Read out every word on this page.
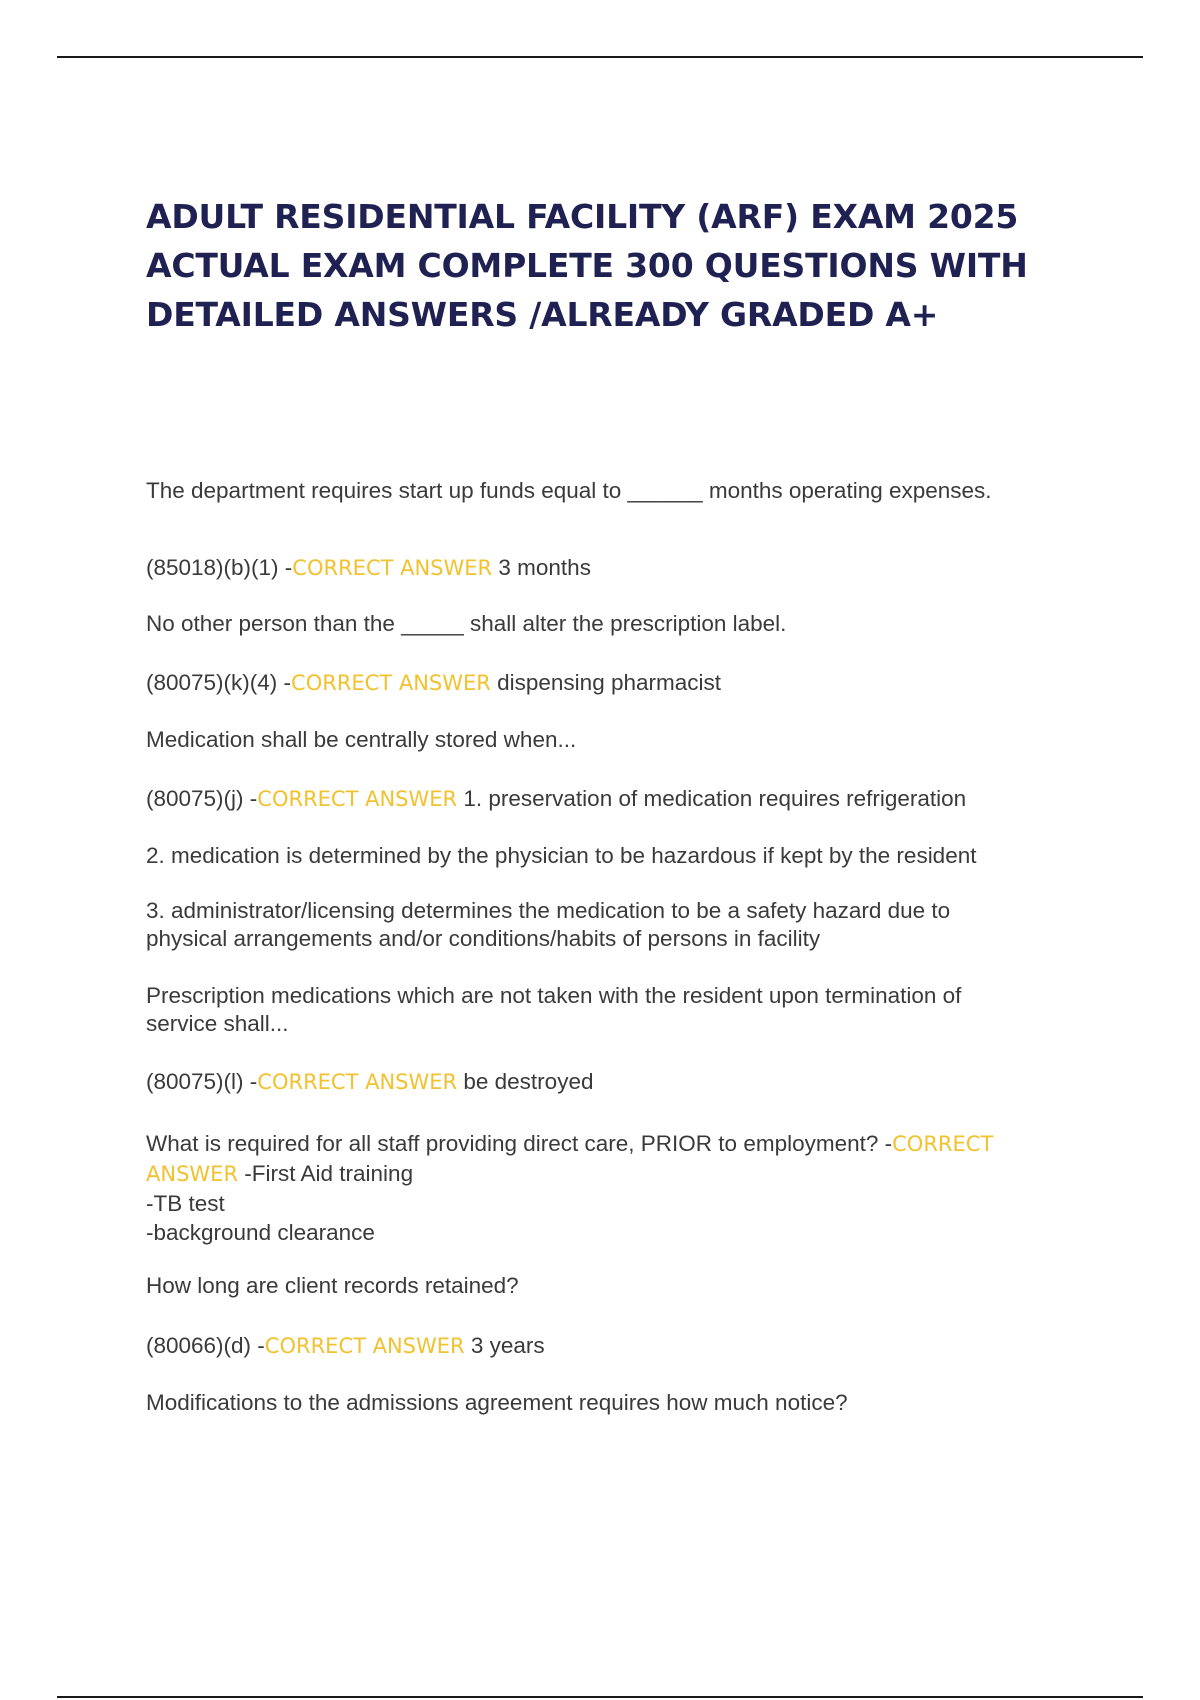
ADULT RESIDENTIAL FACILITY (ARF) EXAM 2025
ACTUAL EXAM COMPLETE 300 QUESTIONS WITH
DETAILED ANSWERS /ALREADY GRADED A+

The department requires start up funds equal to ______ months operating expenses.

(85018)(b)(1) -CORRECT ANSWER 3 months

No other person than the _____ shall alter the prescription label.

(80075)(k)(4) -CORRECT ANSWER dispensing pharmacist

Medication shall be centrally stored when...

(80075)(j) -CORRECT ANSWER 1. preservation of medication requires refrigeration

2. medication is determined by the physician to be hazardous if kept by the resident

3. administrator/licensing determines the medication to be a safety hazard due to
physical arrangements and/or conditions/habits of persons in facility

Prescription medications which are not taken with the resident upon termination of
service shall...

(80075)(l) -CORRECT ANSWER be destroyed

What is required for all staff providing direct care, PRIOR to employment? -CORRECT
ANSWER -First Aid training
-TB test
-background clearance

How long are client records retained?

(80066)(d) -CORRECT ANSWER 3 years

Modifications to the admissions agreement requires how much notice?
